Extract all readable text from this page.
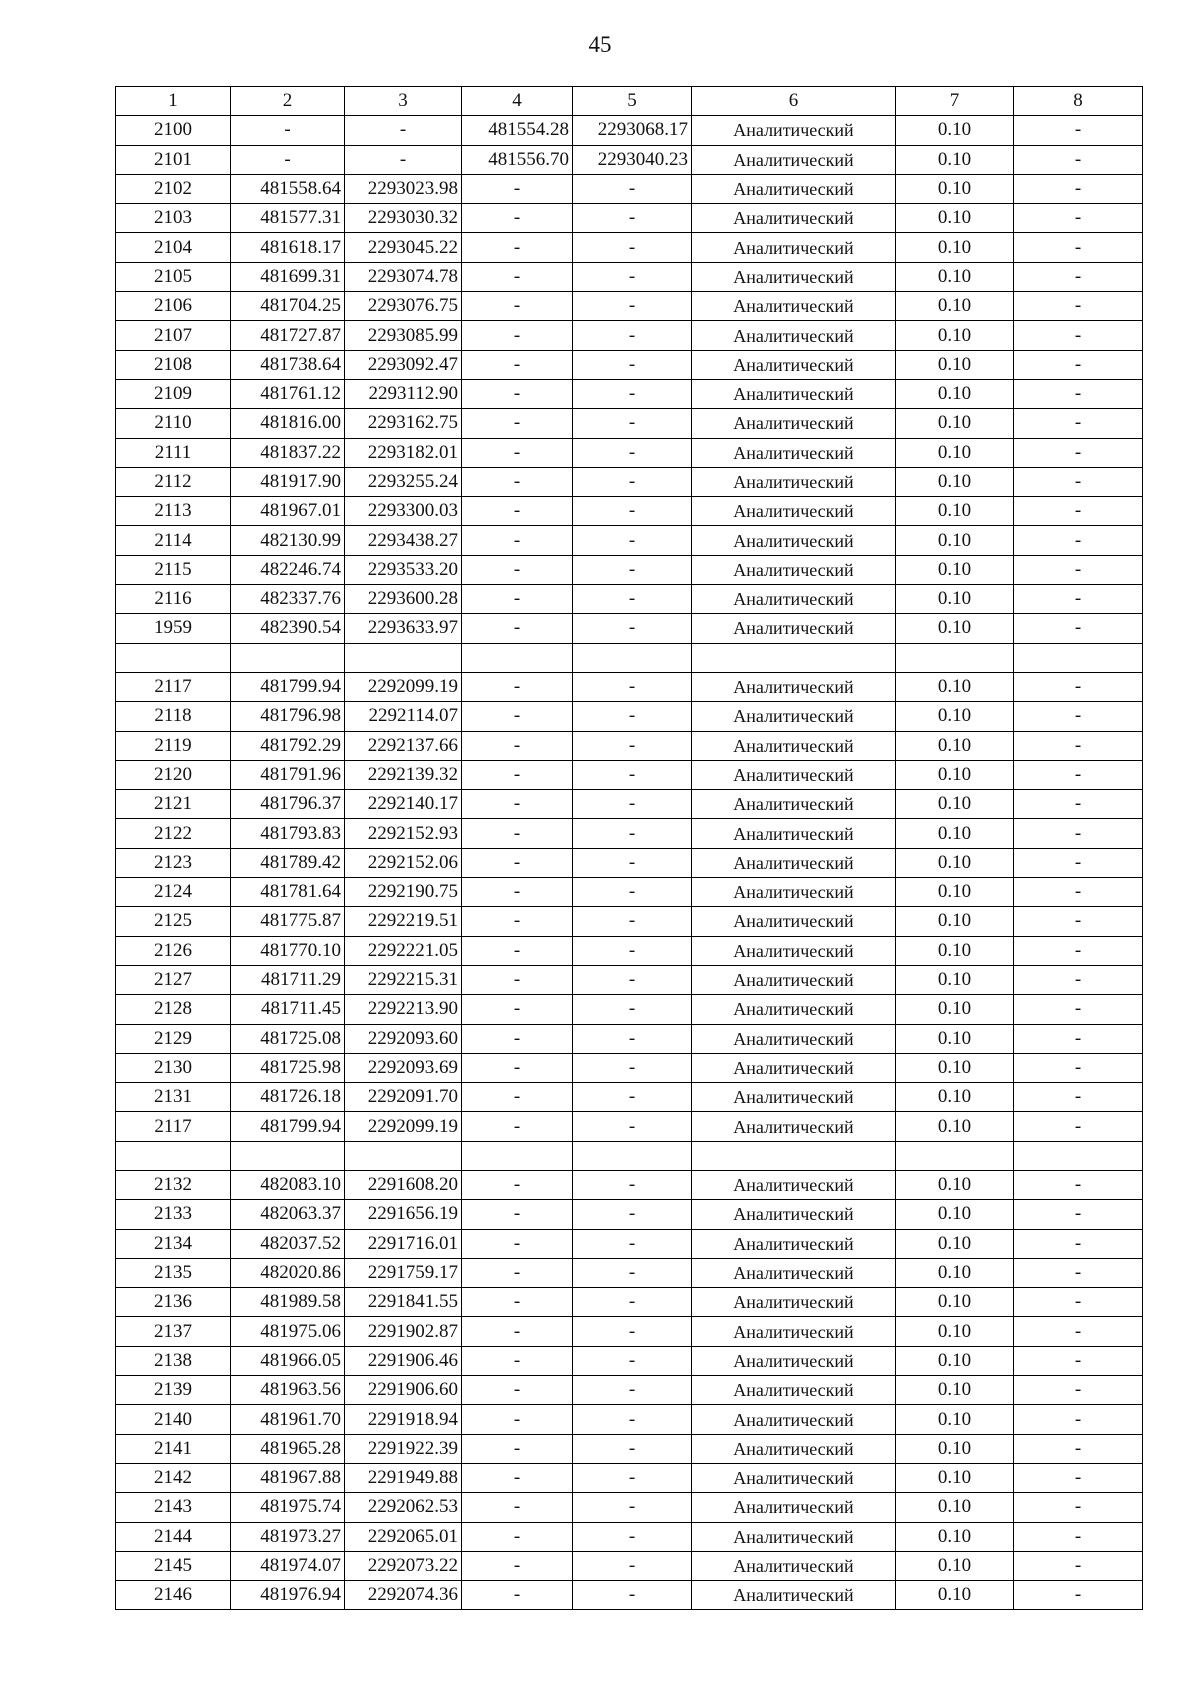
45
1	2	3	4	5	6	7	8
2100	-	-	481554.28	2293068.17	Аналитический	0.10	-
2101	-	-	481556.70	2293040.23	Аналитический	0.10	-
2102	481558.64	2293023.98	-	-	Аналитический	0.10	-
2103	481577.31	2293030.32	-	-	Аналитический	0.10	-
2104	481618.17	2293045.22	-	-	Аналитический	0.10	-
2105	481699.31	2293074.78	-	-	Аналитический	0.10	-
2106	481704.25	2293076.75	-	-	Аналитический	0.10	-
2107	481727.87	2293085.99	-	-	Аналитический	0.10	-
2108	481738.64	2293092.47	-	-	Аналитический	0.10	-
2109	481761.12	2293112.90	-	-	Аналитический	0.10	-
2110	481816.00	2293162.75	-	-	Аналитический	0.10	-
2111	481837.22	2293182.01	-	-	Аналитический	0.10	-
2112	481917.90	2293255.24	-	-	Аналитический	0.10	-
2113	481967.01	2293300.03	-	-	Аналитический	0.10	-
2114	482130.99	2293438.27	-	-	Аналитический	0.10	-
2115	482246.74	2293533.20	-	-	Аналитический	0.10	-
2116	482337.76	2293600.28	-	-	Аналитический	0.10	-
1959	482390.54	2293633.97	-	-	Аналитический	0.10	-

2117	481799.94	2292099.19	-	-	Аналитический	0.10	-
2118	481796.98	2292114.07	-	-	Аналитический	0.10	-
2119	481792.29	2292137.66	-	-	Аналитический	0.10	-
2120	481791.96	2292139.32	-	-	Аналитический	0.10	-
2121	481796.37	2292140.17	-	-	Аналитический	0.10	-
2122	481793.83	2292152.93	-	-	Аналитический	0.10	-
2123	481789.42	2292152.06	-	-	Аналитический	0.10	-
2124	481781.64	2292190.75	-	-	Аналитический	0.10	-
2125	481775.87	2292219.51	-	-	Аналитический	0.10	-
2126	481770.10	2292221.05	-	-	Аналитический	0.10	-
2127	481711.29	2292215.31	-	-	Аналитический	0.10	-
2128	481711.45	2292213.90	-	-	Аналитический	0.10	-
2129	481725.08	2292093.60	-	-	Аналитический	0.10	-
2130	481725.98	2292093.69	-	-	Аналитический	0.10	-
2131	481726.18	2292091.70	-	-	Аналитический	0.10	-
2117	481799.94	2292099.19	-	-	Аналитический	0.10	-

2132	482083.10	2291608.20	-	-	Аналитический	0.10	-
2133	482063.37	2291656.19	-	-	Аналитический	0.10	-
2134	482037.52	2291716.01	-	-	Аналитический	0.10	-
2135	482020.86	2291759.17	-	-	Аналитический	0.10	-
2136	481989.58	2291841.55	-	-	Аналитический	0.10	-
2137	481975.06	2291902.87	-	-	Аналитический	0.10	-
2138	481966.05	2291906.46	-	-	Аналитический	0.10	-
2139	481963.56	2291906.60	-	-	Аналитический	0.10	-
2140	481961.70	2291918.94	-	-	Аналитический	0.10	-
2141	481965.28	2291922.39	-	-	Аналитический	0.10	-
2142	481967.88	2291949.88	-	-	Аналитический	0.10	-
2143	481975.74	2292062.53	-	-	Аналитический	0.10	-
2144	481973.27	2292065.01	-	-	Аналитический	0.10	-
2145	481974.07	2292073.22	-	-	Аналитический	0.10	-
2146	481976.94	2292074.36	-	-	Аналитический	0.10	-
